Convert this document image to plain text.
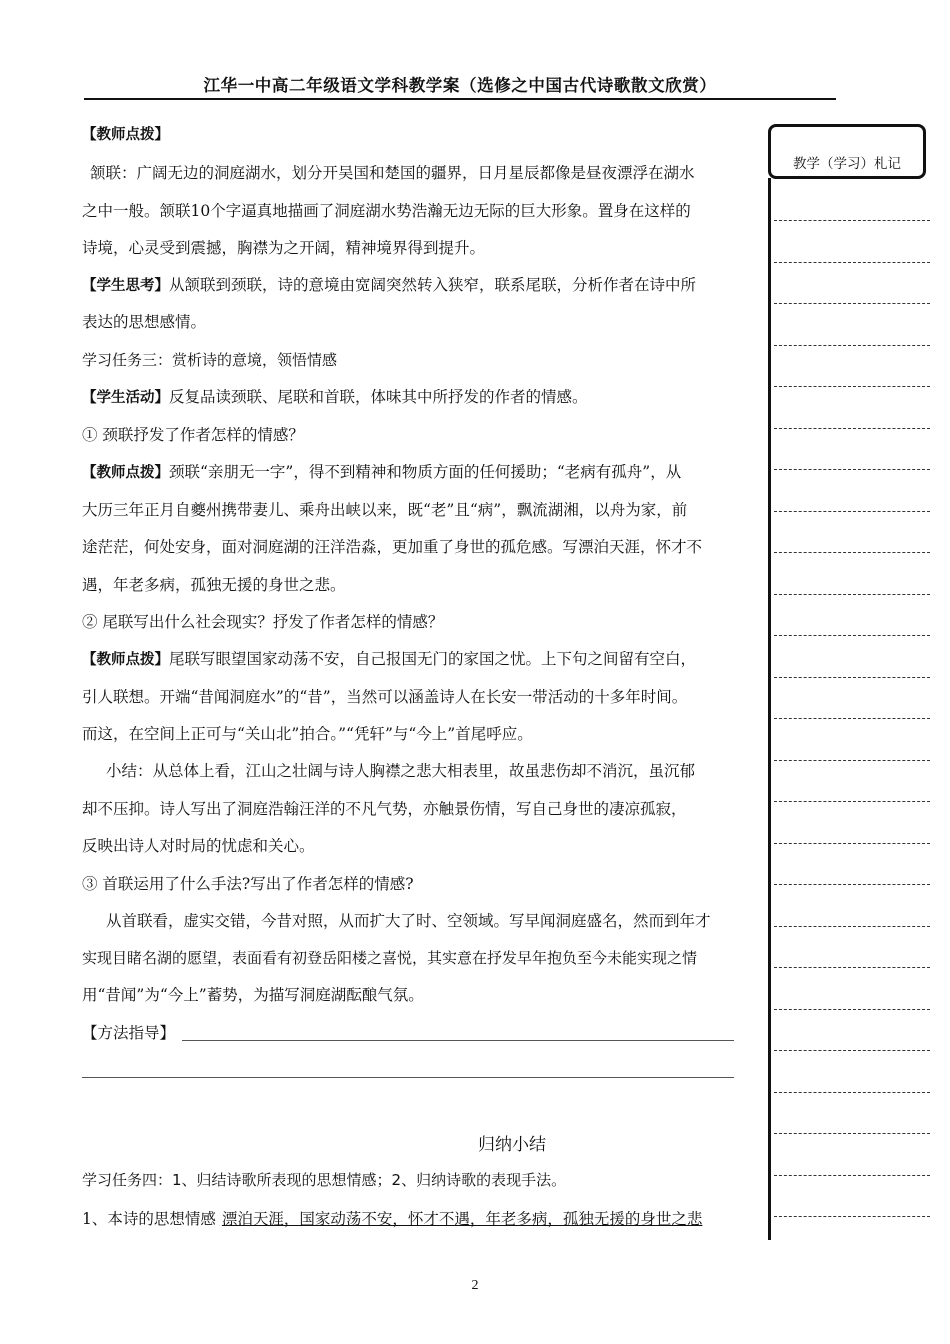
江华一中高二年级语文学科教学案（选修之中国古代诗歌散文欣赏）
教学（学习）札记
【教师点拨】
颔联：广阔无边的洞庭湖水，划分开吴国和楚国的疆界，日月星辰都像是昼夜漂浮在湖水
之中一般。颔联10个字逼真地描画了洞庭湖水势浩瀚无边无际的巨大形象。置身在这样的
诗境，心灵受到震撼，胸襟为之开阔，精神境界得到提升。
【学生思考】从颔联到颈联，诗的意境由宽阔突然转入狭窄，联系尾联，分析作者在诗中所
表达的思想感情。
学习任务三：赏析诗的意境，领悟情感
【学生活动】反复品读颈联、尾联和首联，体味其中所抒发的作者的情感。
① 颈联抒发了作者怎样的情感？
【教师点拨】颈联“亲朋无一字”，得不到精神和物质方面的任何援助；“老病有孤舟”，从
大历三年正月自夔州携带妻儿、乘舟出峡以来，既“老”且“病”，飘流湖湘，以舟为家，前
途茫茫，何处安身，面对洞庭湖的汪洋浩淼，更加重了身世的孤危感。写漂泊天涯，怀才不
遇，年老多病，孤独无援的身世之悲。
② 尾联写出什么社会现实？抒发了作者怎样的情感？
【教师点拨】尾联写眼望国家动荡不安，自己报国无门的家国之忧。上下句之间留有空白，
引人联想。开端“昔闻洞庭水”的“昔”，当然可以涵盖诗人在长安一带活动的十多年时间。
而这，在空间上正可与“关山北”拍合。”“凭轩”与“今上”首尾呼应。
小结：从总体上看，江山之壮阔与诗人胸襟之悲大相表里，故虽悲伤却不消沉，虽沉郁
却不压抑。诗人写出了洞庭浩翰汪洋的不凡气势，亦触景伤情，写自己身世的凄凉孤寂，
反映出诗人对时局的忧虑和关心。
③ 首联运用了什么手法?写出了作者怎样的情感?
从首联看，虚实交错，今昔对照，从而扩大了时、空领域。写早闻洞庭盛名，然而到年才
实现目睹名湖的愿望，表面看有初登岳阳楼之喜悦，其实意在抒发早年抱负至今未能实现之情
用“昔闻”为“今上”蓄势，为描写洞庭湖酝酿气氛。
【方法指导】
归纳小结
学习任务四：1、归结诗歌所表现的思想情感；2、归纳诗歌的表现手法。
1、本诗的思想情感 漂泊天涯，国家动荡不安，怀才不遇，年老多病，孤独无援的身世之悲
2
